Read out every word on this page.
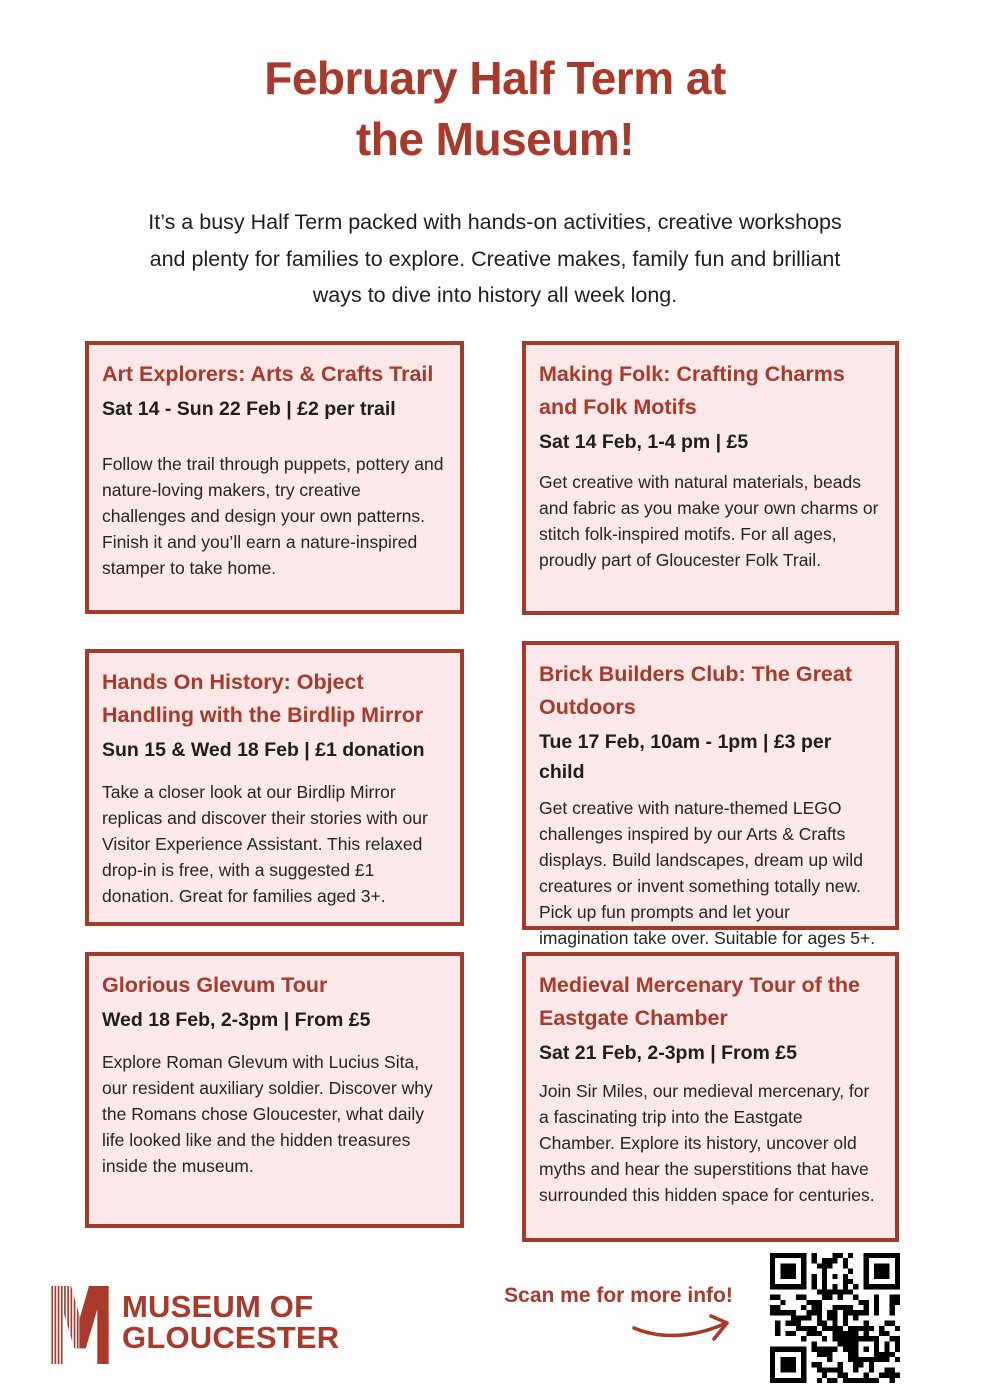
February Half Term at
the Museum!
It’s a busy Half Term packed with hands-on activities, creative workshops
and plenty for families to explore. Creative makes, family fun and brilliant
ways to dive into history all week long.
Art Explorers: Arts & Crafts Trail
Sat 14 - Sun 22 Feb | £2 per trail

Follow the trail through puppets, pottery and nature-loving makers, try creative challenges and design your own patterns. Finish it and you’ll earn a nature-inspired stamper to take home.

Making Folk: Crafting Charms and Folk Motifs
Sat 14 Feb, 1-4 pm | £5

Get creative with natural materials, beads and fabric as you make your own charms or stitch folk-inspired motifs. For all ages, proudly part of Gloucester Folk Trail.

Hands On History: Object Handling with the Birdlip Mirror
Sun 15 & Wed 18 Feb | £1 donation

Take a closer look at our Birdlip Mirror replicas and discover their stories with our Visitor Experience Assistant. This relaxed drop-in is free, with a suggested £1 donation. Great for families aged 3+.

Brick Builders Club: The Great Outdoors
Tue 17 Feb, 10am - 1pm | £3 per child

Get creative with nature-themed LEGO challenges inspired by our Arts & Crafts displays. Build landscapes, dream up wild creatures or invent something totally new. Pick up fun prompts and let your imagination take over. Suitable for ages 5+.

Glorious Glevum Tour
Wed 18 Feb, 2-3pm | From £5

Explore Roman Glevum with Lucius Sita, our resident auxiliary soldier. Discover why the Romans chose Gloucester, what daily life looked like and the hidden treasures inside the museum.

Medieval Mercenary Tour of the Eastgate Chamber
Sat 21 Feb, 2-3pm | From £5

Join Sir Miles, our medieval mercenary, for a fascinating trip into the Eastgate Chamber. Explore its history, uncover old myths and hear the superstitions that have surrounded this hidden space for centuries.

MUSEUM OF
GLOUCESTER
Scan me for more info!
